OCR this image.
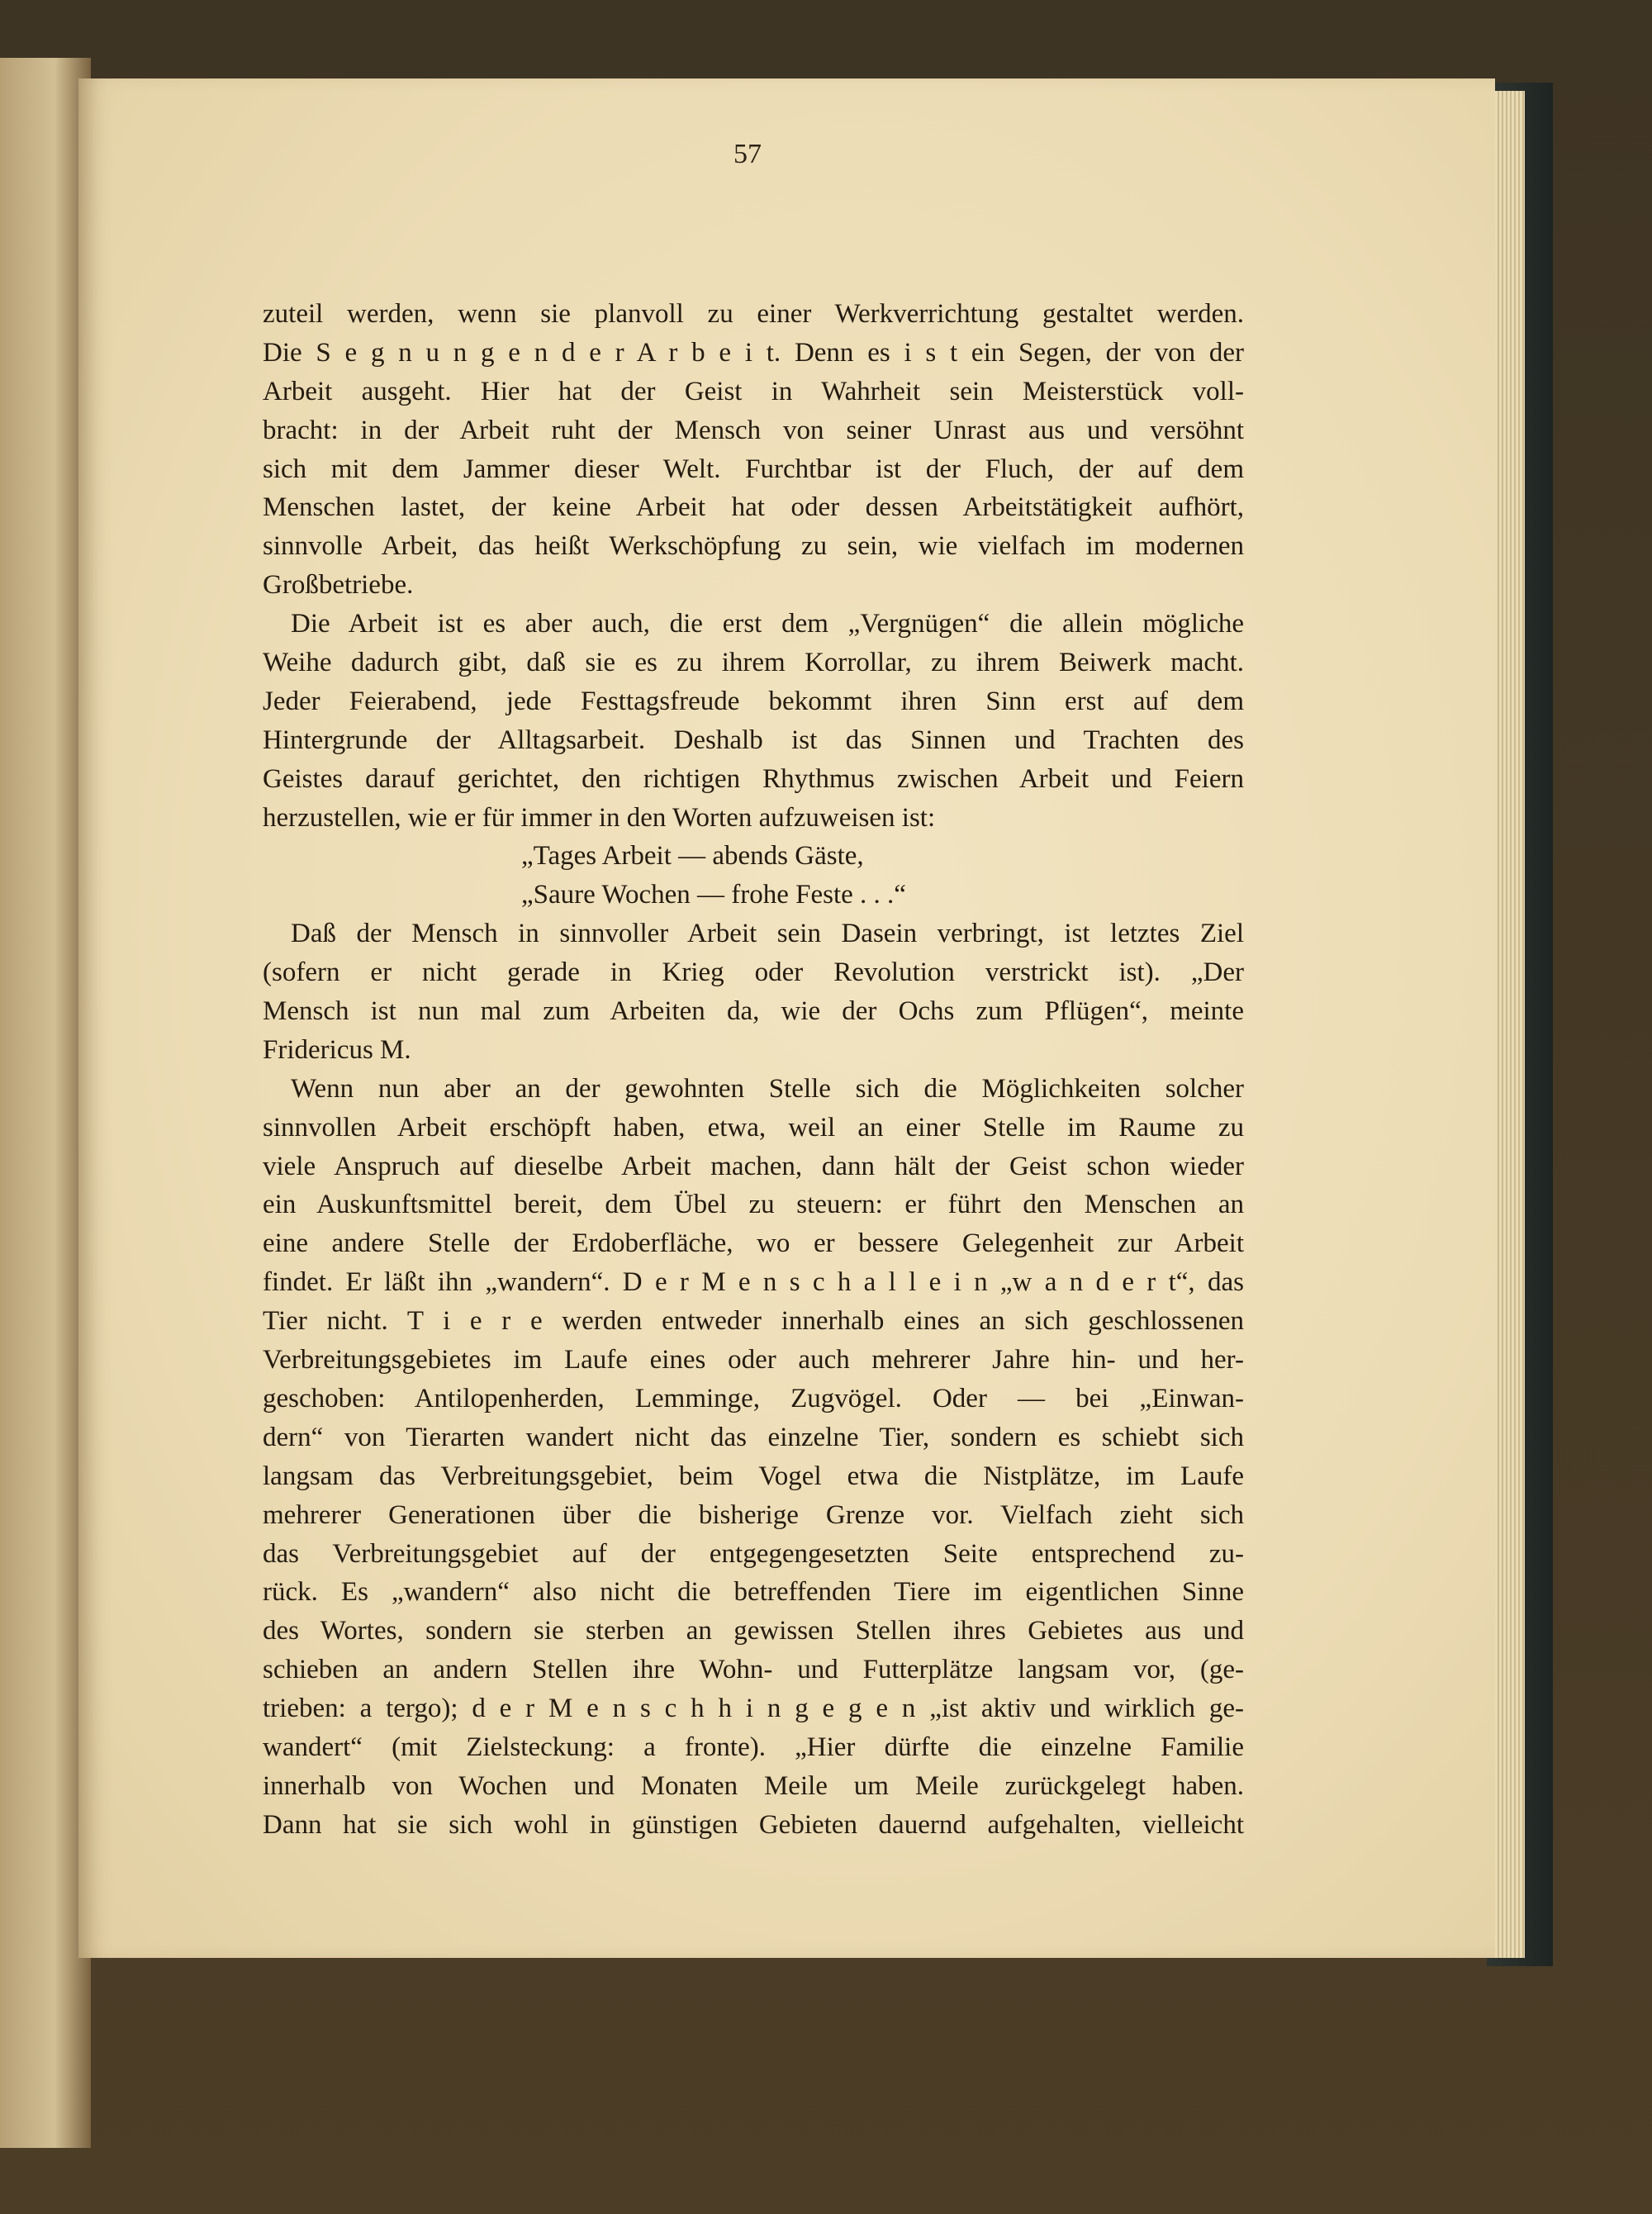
57
zuteil werden, wenn sie planvoll zu einer Werkverrichtung gestaltet werden.
Die S e g n u n g e n d e r A r b e i t. Denn es i s t ein Segen, der von der
Arbeit ausgeht. Hier hat der Geist in Wahrheit sein Meisterstück voll-
bracht: in der Arbeit ruht der Mensch von seiner Unrast aus und versöhnt
sich mit dem Jammer dieser Welt. Furchtbar ist der Fluch, der auf dem
Menschen lastet, der keine Arbeit hat oder dessen Arbeitstätigkeit aufhört,
sinnvolle Arbeit, das heißt Werkschöpfung zu sein, wie vielfach im modernen
Großbetriebe.
Die Arbeit ist es aber auch, die erst dem „Vergnügen“ die allein mögliche
Weihe dadurch gibt, daß sie es zu ihrem Korrollar, zu ihrem Beiwerk macht.
Jeder Feierabend, jede Festtagsfreude bekommt ihren Sinn erst auf dem
Hintergrunde der Alltagsarbeit. Deshalb ist das Sinnen und Trachten des
Geistes darauf gerichtet, den richtigen Rhythmus zwischen Arbeit und Feiern
herzustellen, wie er für immer in den Worten aufzuweisen ist:
„Tages Arbeit — abends Gäste,
„Saure Wochen — frohe Feste . . .“
Daß der Mensch in sinnvoller Arbeit sein Dasein verbringt, ist letztes Ziel
(sofern er nicht gerade in Krieg oder Revolution verstrickt ist). „Der
Mensch ist nun mal zum Arbeiten da, wie der Ochs zum Pflügen“, meinte
Fridericus M.
Wenn nun aber an der gewohnten Stelle sich die Möglichkeiten solcher
sinnvollen Arbeit erschöpft haben, etwa, weil an einer Stelle im Raume zu
viele Anspruch auf dieselbe Arbeit machen, dann hält der Geist schon wieder
ein Auskunftsmittel bereit, dem Übel zu steuern: er führt den Menschen an
eine andere Stelle der Erdoberfläche, wo er bessere Gelegenheit zur Arbeit
findet. Er läßt ihn „wandern“. D e r M e n s c h a l l e i n „w a n d e r t“, das
Tier nicht. T i e r e werden entweder innerhalb eines an sich geschlossenen
Verbreitungsgebietes im Laufe eines oder auch mehrerer Jahre hin- und her-
geschoben: Antilopenherden, Lemminge, Zugvögel. Oder — bei „Einwan-
dern“ von Tierarten wandert nicht das einzelne Tier, sondern es schiebt sich
langsam das Verbreitungsgebiet, beim Vogel etwa die Nistplätze, im Laufe
mehrerer Generationen über die bisherige Grenze vor. Vielfach zieht sich
das Verbreitungsgebiet auf der entgegengesetzten Seite entsprechend zu-
rück. Es „wandern“ also nicht die betreffenden Tiere im eigentlichen Sinne
des Wortes, sondern sie sterben an gewissen Stellen ihres Gebietes aus und
schieben an andern Stellen ihre Wohn- und Futterplätze langsam vor, (ge-
trieben: a tergo); d e r M e n s c h h i n g e g e n „ist aktiv und wirklich ge-
wandert“ (mit Zielsteckung: a fronte). „Hier dürfte die einzelne Familie
innerhalb von Wochen und Monaten Meile um Meile zurückgelegt haben.
Dann hat sie sich wohl in günstigen Gebieten dauernd aufgehalten, vielleicht
